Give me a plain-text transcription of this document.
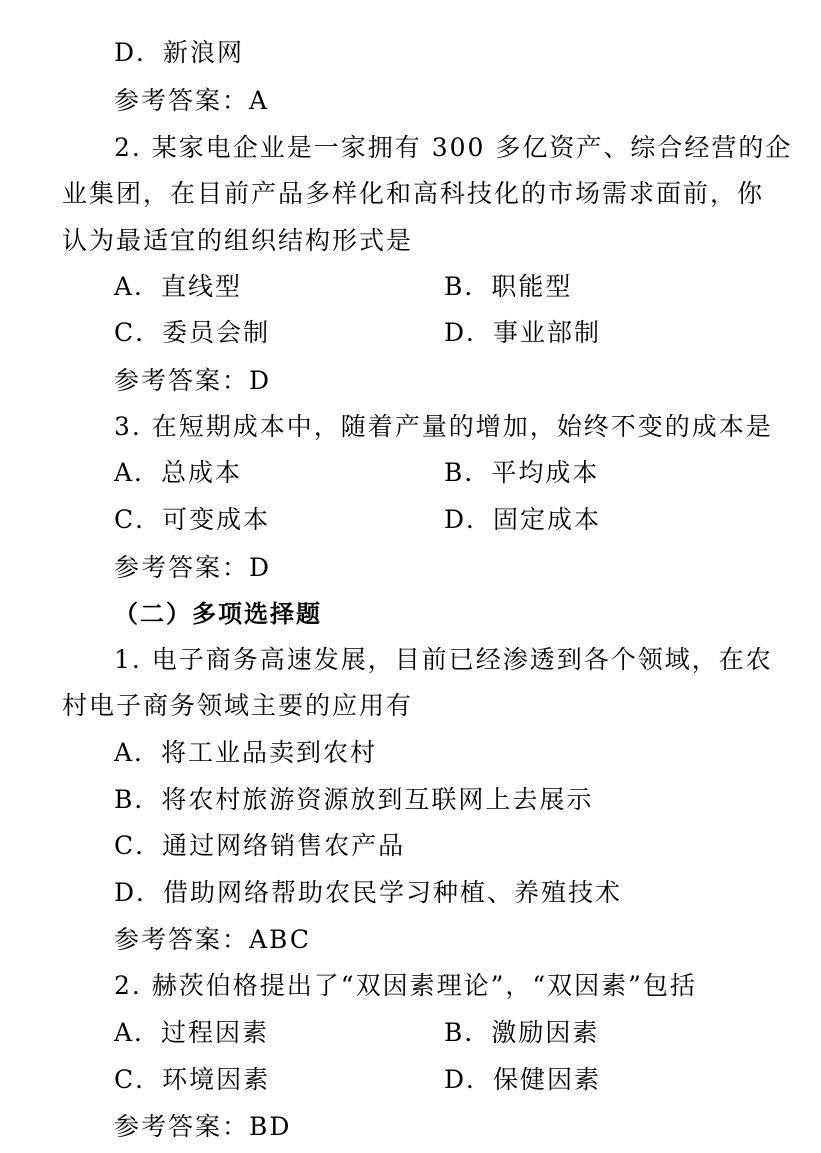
D．新浪网
参考答案：A
2. 某家电企业是一家拥有 300 多亿资产、综合经营的企
业集团，在目前产品多样化和高科技化的市场需求面前，你
认为最适宜的组织结构形式是
A．直线型	B．职能型
C．委员会制	D．事业部制
参考答案：D
3. 在短期成本中，随着产量的增加，始终不变的成本是
A．总成本	B．平均成本
C．可变成本	D．固定成本
参考答案：D
（二）多项选择题
1. 电子商务高速发展，目前已经渗透到各个领域，在农
村电子商务领域主要的应用有
A．将工业品卖到农村
B．将农村旅游资源放到互联网上去展示
C．通过网络销售农产品
D．借助网络帮助农民学习种植、养殖技术
参考答案：ABC
2. 赫茨伯格提出了“双因素理论”，“双因素”包括
A．过程因素	B．激励因素
C．环境因素	D．保健因素
参考答案：BD
